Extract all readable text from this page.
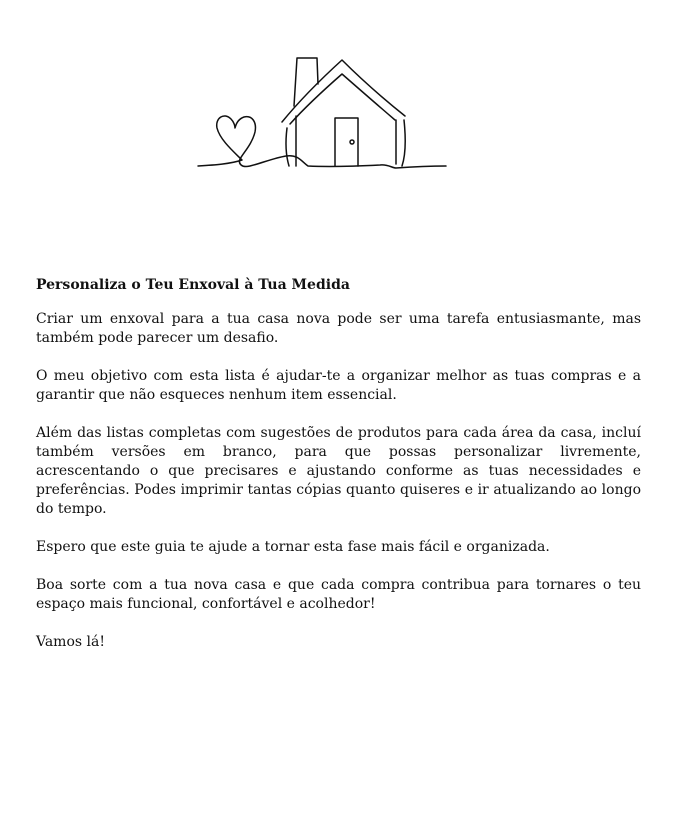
Personaliza o Teu Enxoval à Tua Medida

Criar um enxoval para a tua casa nova pode ser uma tarefa entusiasmante, mas também pode parecer um desafio.

O meu objetivo com esta lista é ajudar-te a organizar melhor as tuas compras e a garantir que não esqueces nenhum item essencial.

Além das listas completas com sugestões de produtos para cada área da casa, incluí também versões em branco, para que possas personalizar livremente, acrescentando o que precisares e ajustando conforme as tuas necessidades e preferências. Podes imprimir tantas cópias quanto quiseres e ir atualizando ao longo do tempo.

Espero que este guia te ajude a tornar esta fase mais fácil e organizada.

Boa sorte com a tua nova casa e que cada compra contribua para tornares o teu espaço mais funcional, confortável e acolhedor!

Vamos lá!
